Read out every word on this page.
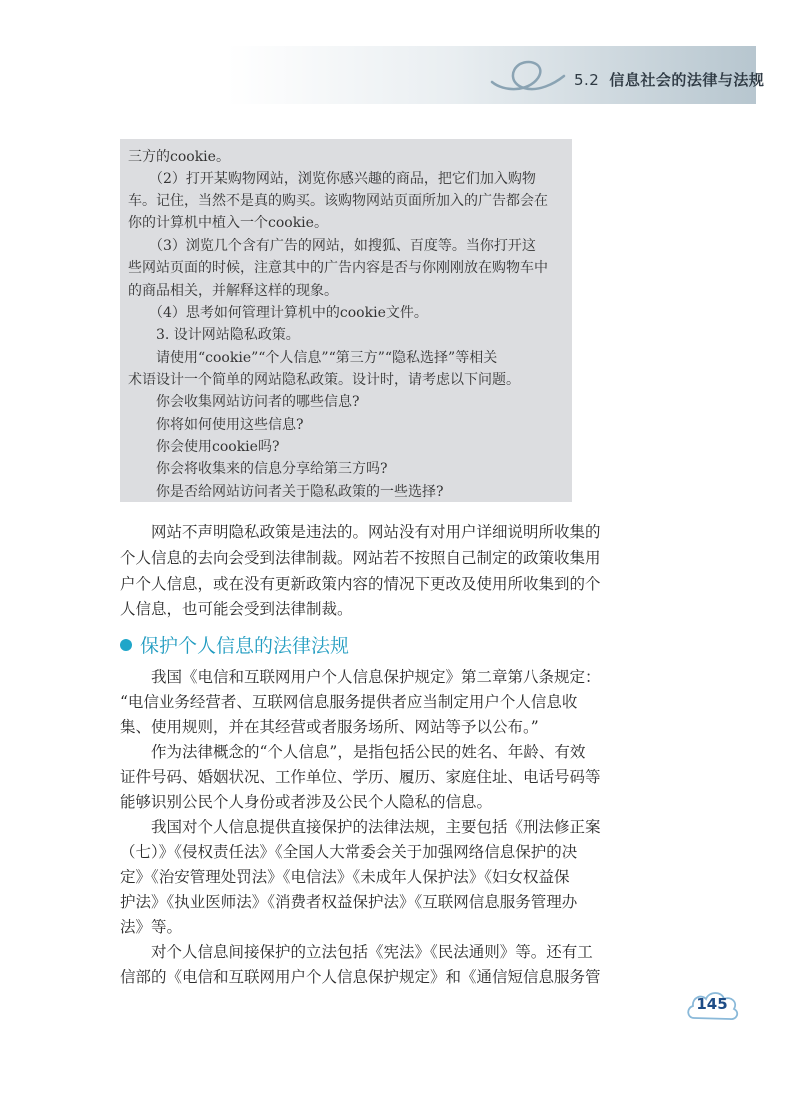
5.2 信息社会的法律与法规
三方的cookie。
　　（2）打开某购物网站，浏览你感兴趣的商品，把它们加入购物
车。记住，当然不是真的购买。该购物网站页面所加入的广告都会在
你的计算机中植入一个cookie。
　　（3）浏览几个含有广告的网站，如搜狐、百度等。当你打开这
些网站页面的时候，注意其中的广告内容是否与你刚刚放在购物车中
的商品相关，并解释这样的现象。
　　（4）思考如何管理计算机中的cookie文件。
　　3. 设计网站隐私政策。
　　请使用“cookie”“个人信息”“第三方”“隐私选择”等相关
术语设计一个简单的网站隐私政策。设计时，请考虑以下问题。
　　你会收集网站访问者的哪些信息?
　　你将如何使用这些信息?
　　你会使用cookie吗?
　　你会将收集来的信息分享给第三方吗?
　　你是否给网站访问者关于隐私政策的一些选择?
　　网站不声明隐私政策是违法的。网站没有对用户详细说明所收集的
个人信息的去向会受到法律制裁。网站若不按照自己制定的政策收集用
户个人信息，或在没有更新政策内容的情况下更改及使用所收集到的个
人信息，也可能会受到法律制裁。
保护个人信息的法律法规
　　我国《电信和互联网用户个人信息保护规定》第二章第八条规定：
“电信业务经营者、互联网信息服务提供者应当制定用户个人信息收
集、使用规则，并在其经营或者服务场所、网站等予以公布。”
　　作为法律概念的“个人信息”，是指包括公民的姓名、年龄、有效
证件号码、婚姻状况、工作单位、学历、履历、家庭住址、电话号码等
能够识别公民个人身份或者涉及公民个人隐私的信息。
　　我国对个人信息提供直接保护的法律法规，主要包括《刑法修正案
（七）》《侵权责任法》《全国人大常委会关于加强网络信息保护的决
定》《治安管理处罚法》《电信法》《未成年人保护法》《妇女权益保
护法》《执业医师法》《消费者权益保护法》《互联网信息服务管理办
法》等。
　　对个人信息间接保护的立法包括《宪法》《民法通则》等。还有工
信部的《电信和互联网用户个人信息保护规定》和《通信短信息服务管
145
